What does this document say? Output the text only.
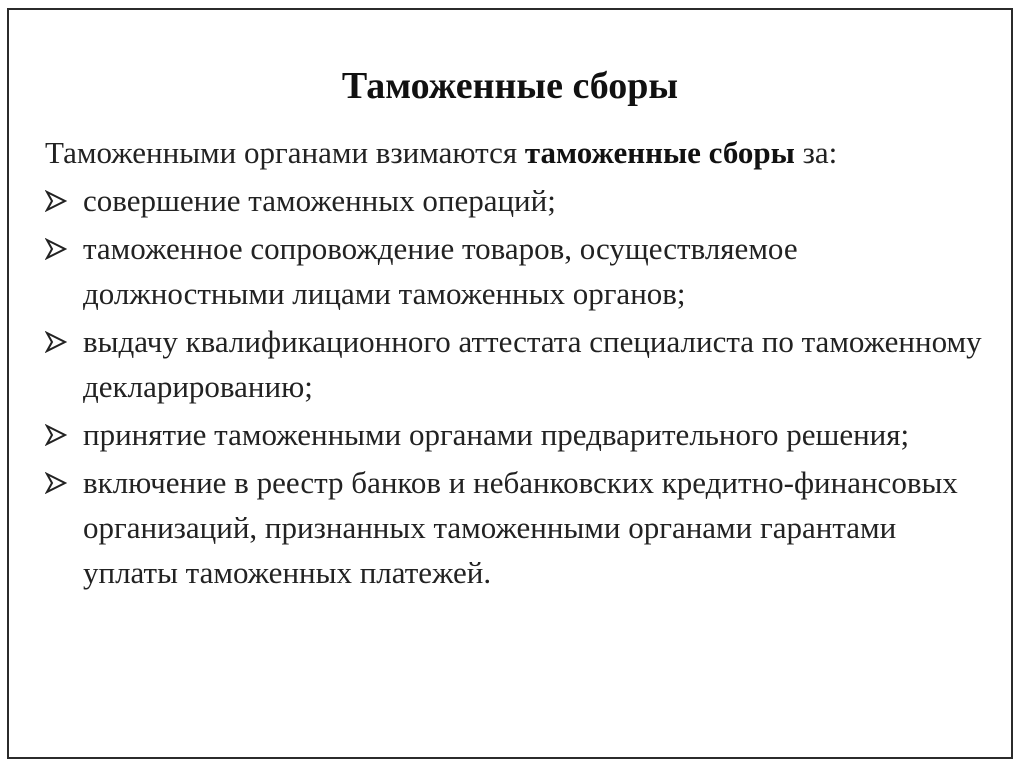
Таможенные сборы
Таможенными органами взимаются таможенные сборы за:
совершение таможенных операций;
таможенное сопровождение товаров, осуществляемое должностными лицами таможенных органов;
выдачу квалификационного аттестата специалиста по таможенному декларированию;
принятие таможенными органами предварительного решения;
включение в реестр банков и небанковских кредитно-финансовых организаций, признанных таможенными органами гарантами уплаты таможенных платежей.
